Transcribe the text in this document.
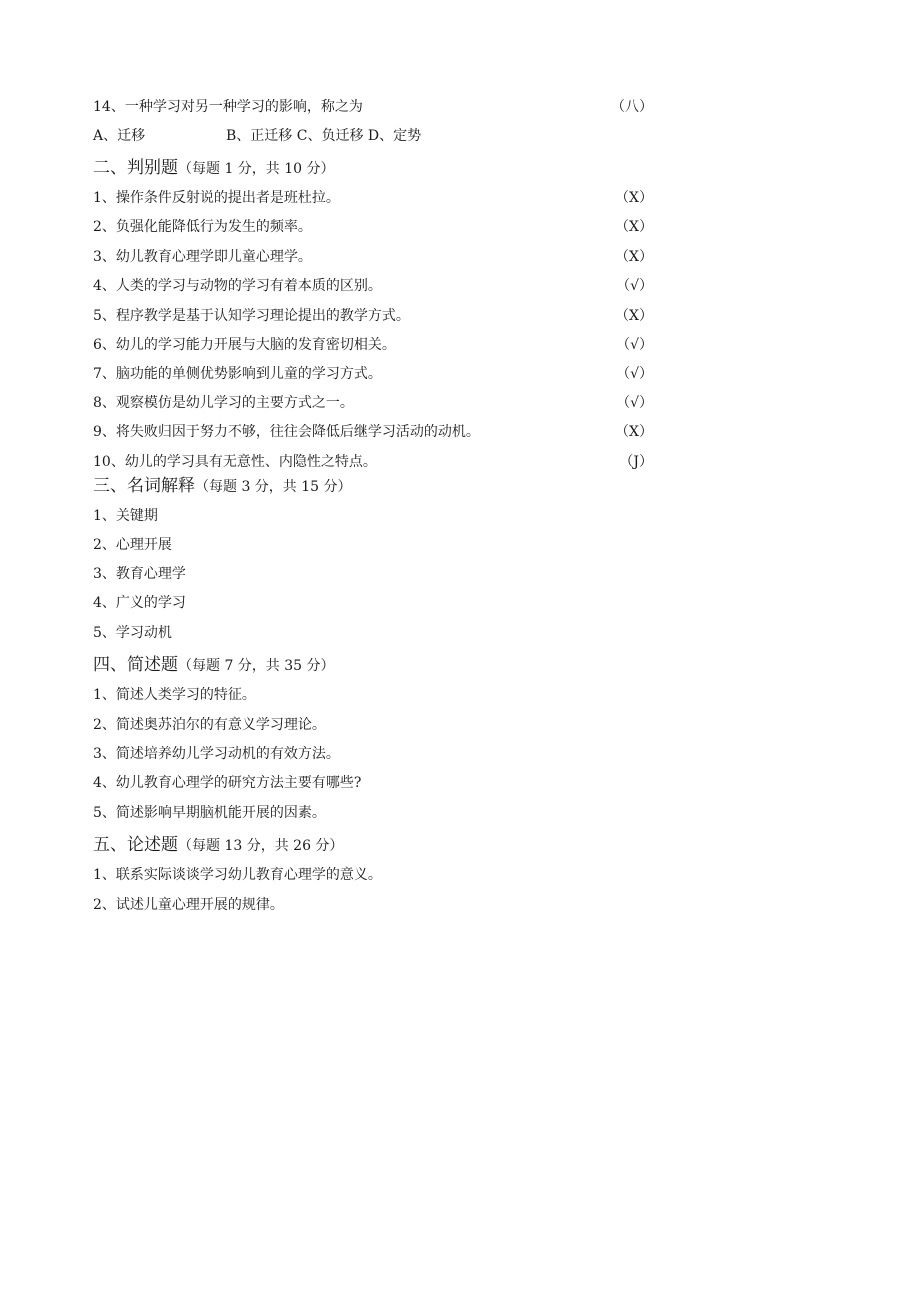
14、一种学习对另一种学习的影响，称之为	（八）
A、迁移	B、正迁移 C、负迁移 D、定势
二、判别题（每题 1 分，共 10 分）
1、操作条件反射说的提出者是班杜拉。	（X）
2、负强化能降低行为发生的频率。	（X）
3、幼儿教育心理学即儿童心理学。	（X）
4、人类的学习与动物的学习有着本质的区别。	（√）
5、程序教学是基于认知学习理论提出的教学方式。	（X）
6、幼儿的学习能力开展与大脑的发育密切相关。	（√）
7、脑功能的单侧优势影响到儿童的学习方式。	（√）
8、观察模仿是幼儿学习的主要方式之一。	（√）
9、将失败归因于努力不够，往往会降低后继学习活动的动机。	（X）
10、幼儿的学习具有无意性、内隐性之特点。	（J）
三、名词解释（每题 3 分，共 15 分）
1、关键期
2、心理开展
3、教育心理学
4、广义的学习
5、学习动机
四、简述题（每题 7 分，共 35 分）
1、简述人类学习的特征。
2、简述奥苏泊尔的有意义学习理论。
3、简述培养幼儿学习动机的有效方法。
4、幼儿教育心理学的研究方法主要有哪些?
5、简述影响早期脑机能开展的因素。
五、论述题（每题 13 分，共 26 分）
1、联系实际谈谈学习幼儿教育心理学的意义。
2、试述儿童心理开展的规律。
